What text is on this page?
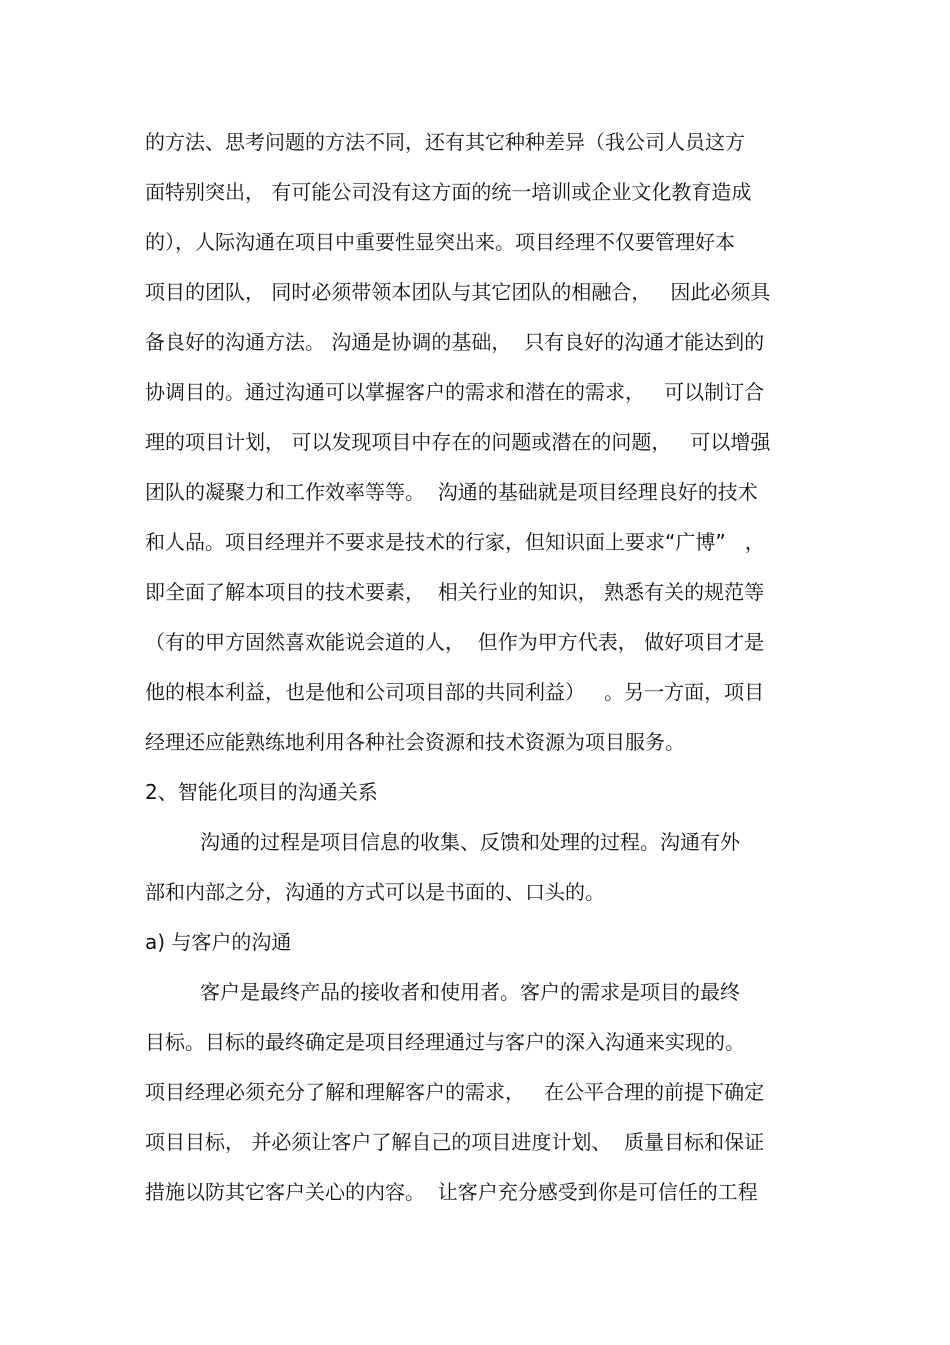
的方法、思考问题的方法不同，还有其它种种差异（我公司人员这方
面特别突出， 有可能公司没有这方面的统一培训或企业文化教育造成
的），人际沟通在项目中重要性显突出来。项目经理不仅要管理好本
项目的团队， 同时必须带领本团队与其它团队的相融合，   因此必须具
备良好的沟通方法。 沟通是协调的基础，  只有良好的沟通才能达到的
协调目的。通过沟通可以掌握客户的需求和潜在的需求，   可以制订合
理的项目计划， 可以发现项目中存在的问题或潜在的问题，   可以增强
团队的凝聚力和工作效率等等。  沟通的基础就是项目经理良好的技术
和人品。项目经理并不要求是技术的行家，但知识面上要求“广博”   ，
即全面了解本项目的技术要素，  相关行业的知识， 熟悉有关的规范等
（有的甲方固然喜欢能说会道的人，  但作为甲方代表， 做好项目才是
他的根本利益，也是他和公司项目部的共同利益）   。另一方面，项目
经理还应能熟练地利用各种社会资源和技术资源为项目服务。
2、智能化项目的沟通关系
沟通的过程是项目信息的收集、反馈和处理的过程。沟通有外
部和内部之分，沟通的方式可以是书面的、口头的。
a) 与客户的沟通
客户是最终产品的接收者和使用者。客户的需求是项目的最终
目标。目标的最终确定是项目经理通过与客户的深入沟通来实现的。
项目经理必须充分了解和理解客户的需求，   在公平合理的前提下确定
项目目标， 并必须让客户了解自己的项目进度计划、  质量目标和保证
措施以防其它客户关心的内容。  让客户充分感受到你是可信任的工程
